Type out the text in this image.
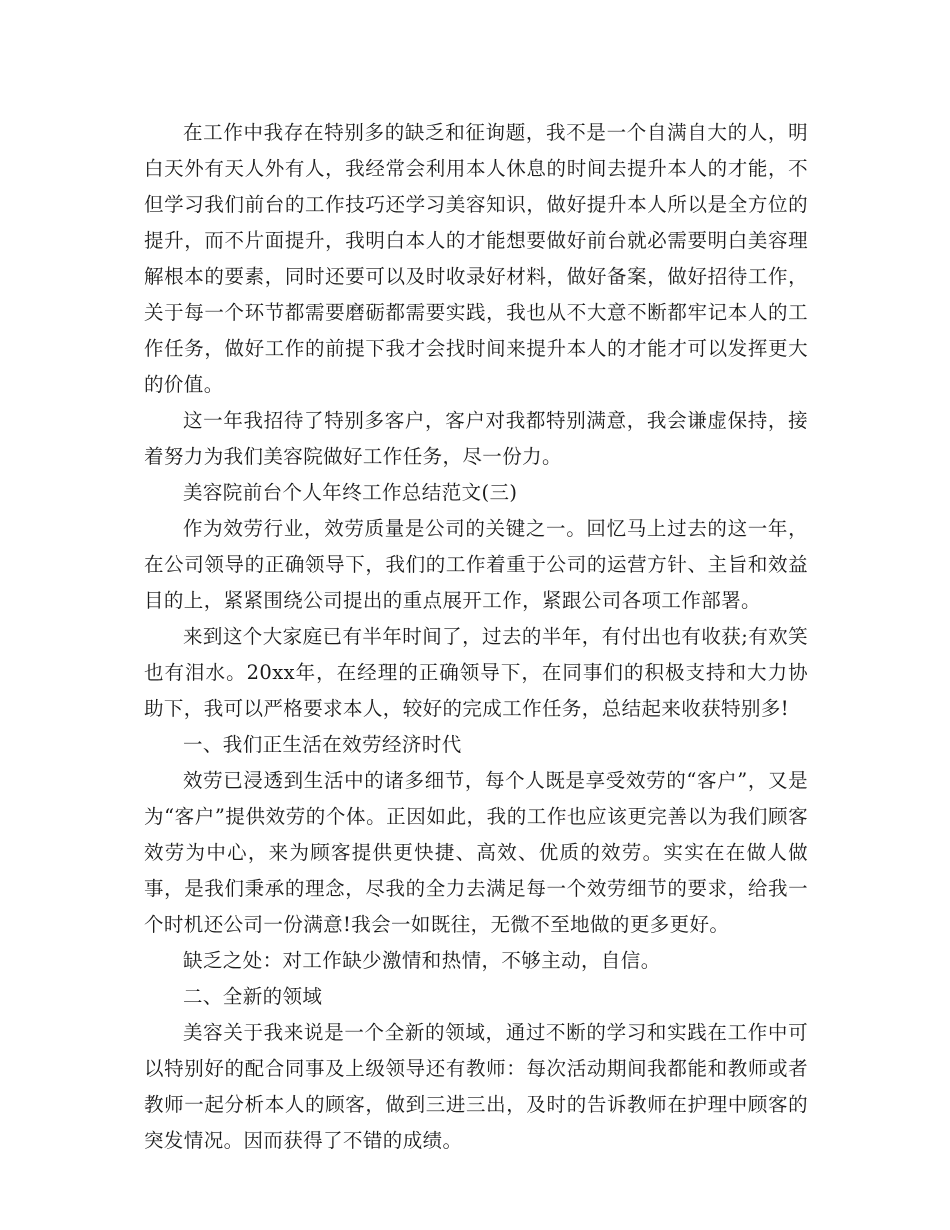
在工作中我存在特别多的缺乏和征询题，我不是一个自满自大的人，明白天外有天人外有人，我经常会利用本人休息的时间去提升本人的才能，不但学习我们前台的工作技巧还学习美容知识，做好提升本人所以是全方位的提升，而不片面提升，我明白本人的才能想要做好前台就必需要明白美容理解根本的要素，同时还要可以及时收录好材料，做好备案，做好招待工作，关于每一个环节都需要磨砺都需要实践，我也从不大意不断都牢记本人的工作任务，做好工作的前提下我才会找时间来提升本人的才能才可以发挥更大的价值。

这一年我招待了特别多客户，客户对我都特别满意，我会谦虚保持，接着努力为我们美容院做好工作任务，尽一份力。

美容院前台个人年终工作总结范文(三)

作为效劳行业，效劳质量是公司的关键之一。回忆马上过去的这一年，在公司领导的正确领导下，我们的工作着重于公司的运营方针、主旨和效益目的上，紧紧围绕公司提出的重点展开工作，紧跟公司各项工作部署。

来到这个大家庭已有半年时间了，过去的半年，有付出也有收获;有欢笑也有泪水。20xx年，在经理的正确领导下，在同事们的积极支持和大力协助下，我可以严格要求本人，较好的完成工作任务，总结起来收获特别多!

一、我们正生活在效劳经济时代

效劳已浸透到生活中的诸多细节，每个人既是享受效劳的“客户”，又是为“客户”提供效劳的个体。正因如此，我的工作也应该更完善以为我们顾客效劳为中心，来为顾客提供更快捷、高效、优质的效劳。实实在在做人做事，是我们秉承的理念，尽我的全力去满足每一个效劳细节的要求，给我一个时机还公司一份满意!我会一如既往，无微不至地做的更多更好。

缺乏之处：对工作缺少激情和热情，不够主动，自信。

二、全新的领域

美容关于我来说是一个全新的领域，通过不断的学习和实践在工作中可以特别好的配合同事及上级领导还有教师：每次活动期间我都能和教师或者教师一起分析本人的顾客，做到三进三出，及时的告诉教师在护理中顾客的突发情况。因而获得了不错的成绩。
